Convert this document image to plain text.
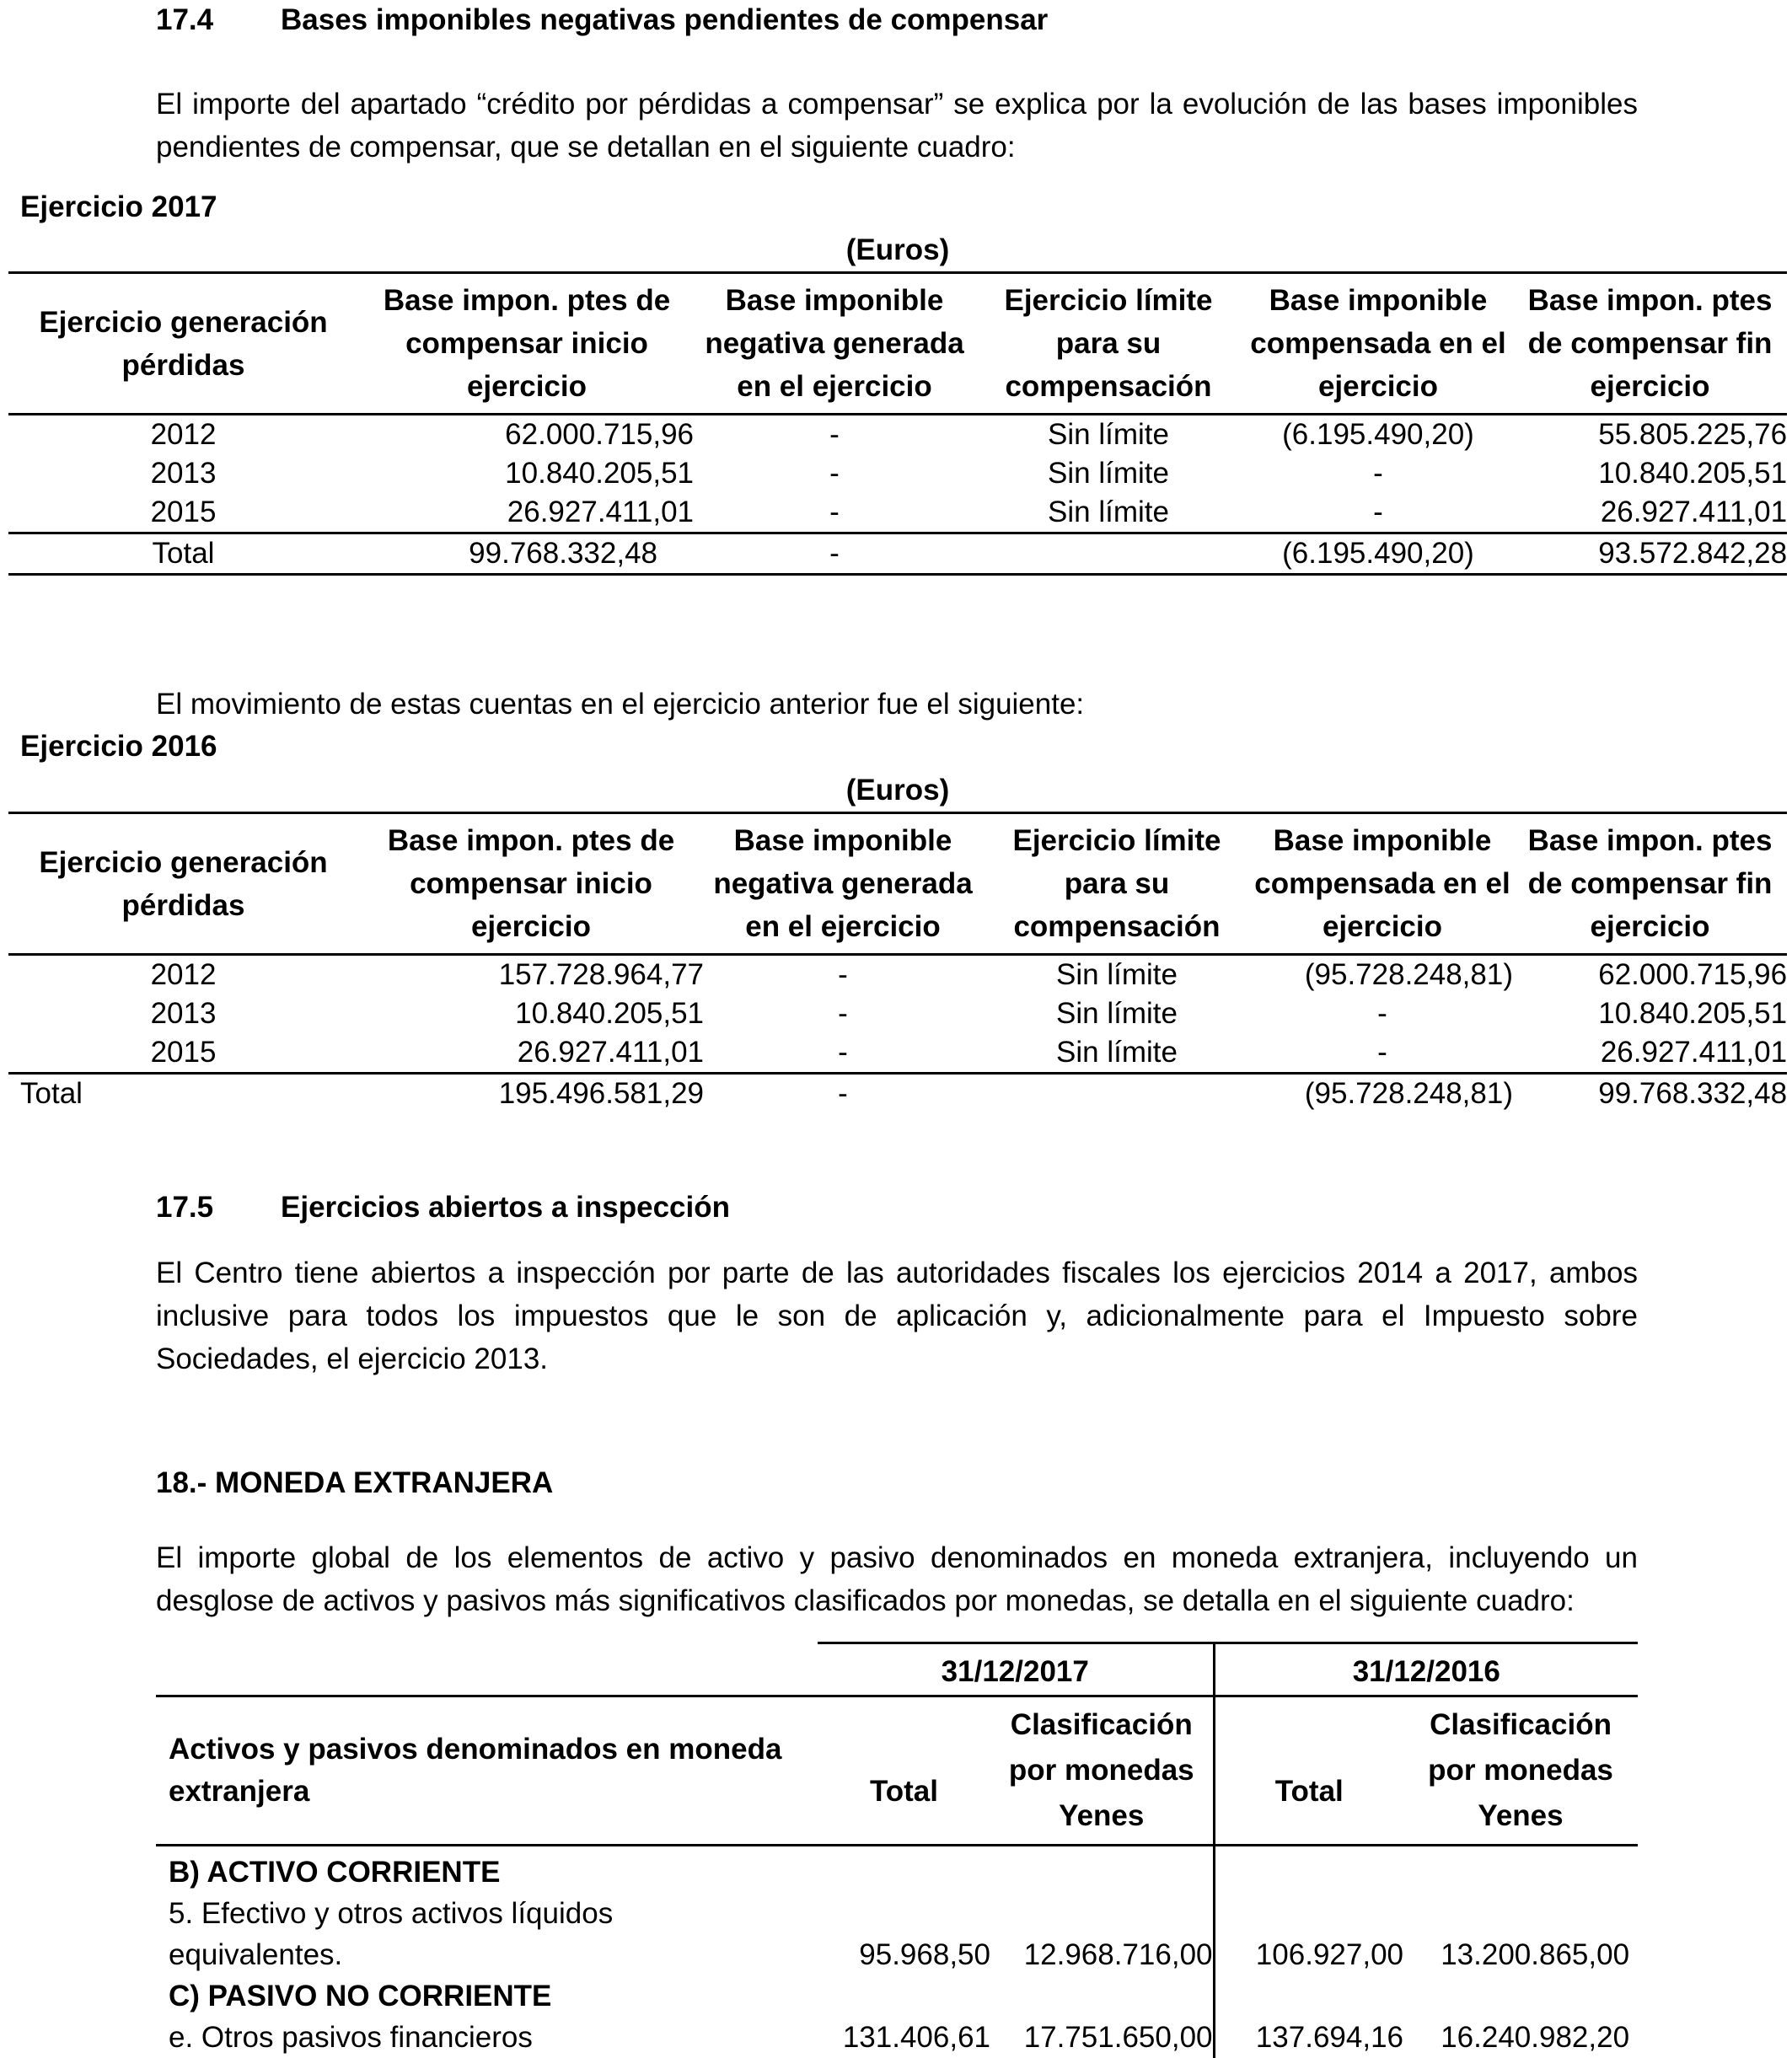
17.4 Bases imponibles negativas pendientes de compensar
El importe del apartado “crédito por pérdidas a compensar” se explica por la evolución de las bases imponibles pendientes de compensar, que se detallan en el siguiente cuadro:
Ejercicio 2017
(Euros)					
Ejercicio generación pérdidas	Base impon. ptes de compensar inicio ejercicio	Base imponible negativa generada en el ejercicio	Ejercicio límite para su compensación	Base imponible compensada en el ejercicio	Base impon. ptes de compensar fin ejercicio
2012	62.000.715,96	-	Sin límite	(6.195.490,20)	55.805.225,76
2013	10.840.205,51	-	Sin límite	-	10.840.205,51
2015	26.927.411,01	-	Sin límite	-	26.927.411,01
Total	99.768.332,48	-		(6.195.490,20)	93.572.842,28
El movimiento de estas cuentas en el ejercicio anterior fue el siguiente:
Ejercicio 2016
(Euros)					
Ejercicio generación pérdidas	Base impon. ptes de compensar inicio ejercicio	Base imponible negativa generada en el ejercicio	Ejercicio límite para su compensación	Base imponible compensada en el ejercicio	Base impon. ptes de compensar fin ejercicio
2012	157.728.964,77	-	Sin límite	(95.728.248,81)	62.000.715,96
2013	10.840.205,51	-	Sin límite	-	10.840.205,51
2015	26.927.411,01	-	Sin límite	-	26.927.411,01
Total	195.496.581,29	-		(95.728.248,81)	99.768.332,48
17.5 Ejercicios abiertos a inspección
El Centro tiene abiertos a inspección por parte de las autoridades fiscales los ejercicios 2014 a 2017, ambos inclusive para todos los impuestos que le son de aplicación y, adicionalmente para el Impuesto sobre Sociedades, el ejercicio 2013.
18.- MONEDA EXTRANJERA
El importe global de los elementos de activo y pasivo denominados en moneda extranjera, incluyendo un desglose de activos y pasivos más significativos clasificados por monedas, se detalla en el siguiente cuadro:
	31/12/2017		31/12/2016	
Activos y pasivos denominados en moneda extranjera	Total	Clasificación por monedas Yenes	Total	Clasificación por monedas Yenes
B) ACTIVO CORRIENTE				
5. Efectivo y otros activos líquidos equivalentes.	95.968,50	12.968.716,00	106.927,00	13.200.865,00
C) PASIVO NO CORRIENTE				
e. Otros pasivos financieros	131.406,61	17.751.650,00	137.694,16	16.240.982,20
